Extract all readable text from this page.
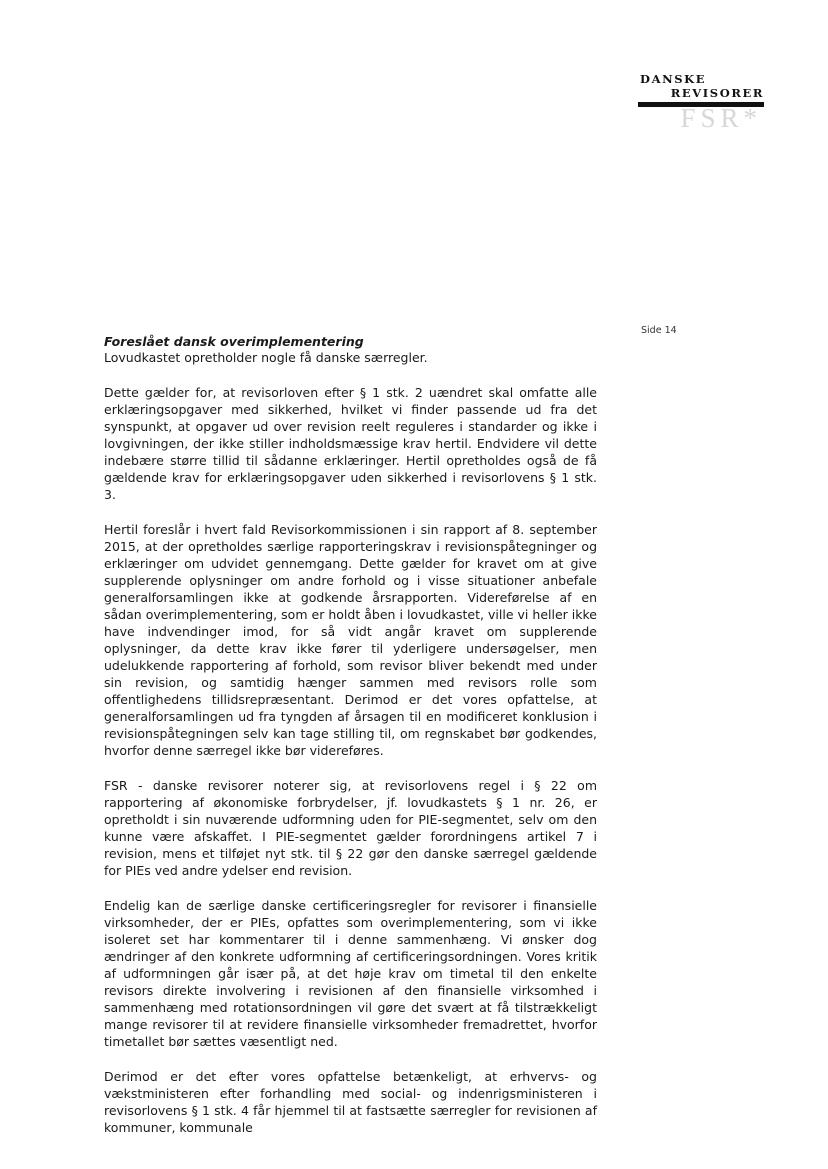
DANSKE
REVISORER
FSR*
Side 14

Foreslået dansk overimplementering

Lovudkastet opretholder nogle få danske særregler.

Dette gælder for, at revisorloven efter § 1 stk. 2 uændret skal omfatte alle erklæringsopgaver med sikkerhed, hvilket vi finder passende ud fra det synspunkt, at opgaver ud over revision reelt reguleres i standarder og ikke i lovgivningen, der ikke stiller indholdsmæssige krav hertil. Endvidere vil dette indebære større tillid til sådanne erklæringer. Hertil opretholdes også de få gældende krav for erklæringsopgaver uden sikkerhed i revisorlovens § 1 stk. 3.

Hertil foreslår i hvert fald Revisorkommissionen i sin rapport af 8. september 2015, at der opretholdes særlige rapporteringskrav i revisionspåtegninger og erklæringer om udvidet gennemgang. Dette gælder for kravet om at give supplerende oplysninger om andre forhold og i visse situationer anbefale generalforsamlingen ikke at godkende årsrapporten. Videreførelse af en sådan overimplementering, som er holdt åben i lovudkastet, ville vi heller ikke have indvendinger imod, for så vidt angår kravet om supplerende oplysninger, da dette krav ikke fører til yderligere undersøgelser, men udelukkende rapportering af forhold, som revisor bliver bekendt med under sin revision, og samtidig hænger sammen med revisors rolle som offentlighedens tillidsrepræsentant. Derimod er det vores opfattelse, at generalforsamlingen ud fra tyngden af årsagen til en modificeret konklusion i revisionspåtegningen selv kan tage stilling til, om regnskabet bør godkendes, hvorfor denne særregel ikke bør videreføres.

FSR - danske revisorer noterer sig, at revisorlovens regel i § 22 om rapportering af økonomiske forbrydelser, jf. lovudkastets § 1 nr. 26, er opretholdt i sin nuværende udformning uden for PIE-segmentet, selv om den kunne være afskaffet. I PIE-segmentet gælder forordningens artikel 7 i revision, mens et tilføjet nyt stk. til § 22 gør den danske særregel gældende for PIEs ved andre ydelser end revision.

Endelig kan de særlige danske certificeringsregler for revisorer i finansielle virksomheder, der er PIEs, opfattes som overimplementering, som vi ikke isoleret set har kommentarer til i denne sammenhæng. Vi ønsker dog ændringer af den konkrete udformning af certificeringsordningen. Vores kritik af udformningen går især på, at det høje krav om timetal til den enkelte revisors direkte involvering i revisionen af den finansielle virksomhed i sammenhæng med rotationsordningen vil gøre det svært at få tilstrækkeligt mange revisorer til at revidere finansielle virksomheder fremadrettet, hvorfor timetallet bør sættes væsentligt ned.

Derimod er det efter vores opfattelse betænkeligt, at erhvervs- og vækstministeren efter forhandling med social- og indenrigsministeren i revisorlovens § 1 stk. 4 får hjemmel til at fastsætte særregler for revisionen af kommuner, kommunale
